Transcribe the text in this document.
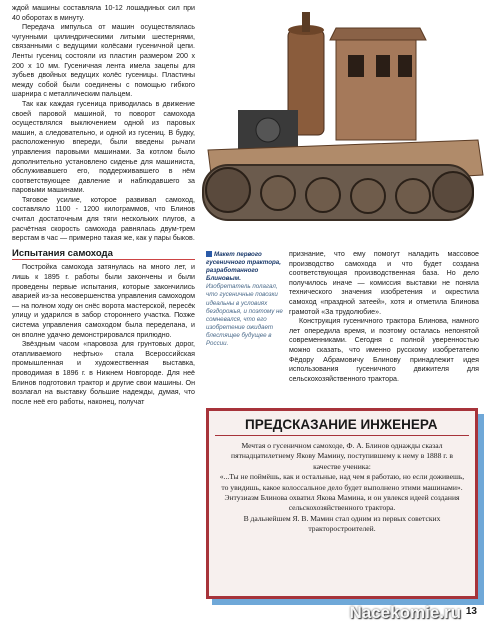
ждой машины составляла 10-12 лошадиных сил при 40 оборотах в минуту.

Передача импульса от машин осуществлялась чугунными цилиндрическими литыми шестернями, связанными с ведущими колёсами гусеничной цепи. Ленты гусениц состояли из пластин размером 200 х 200 х 10 мм. Гусеничная лента имела зацепы для зубьев двойных ведущих колёс гусеницы. Пластины между собой были соединены с помощью гибкого шарнира с металлическим пальцем.

Так как каждая гусеница приводилась в движение своей паровой машиной, то поворот самохода осуществлялся выключением одной из паровых машин, а следовательно, и одной из гусениц. В будку, расположенную впереди, были введены рычаги управления паровыми машинами. За котлом было дополнительно установлено сиденье для машиниста, обслуживавшего его, поддерживавшего в нём соответствующее давление и наблюдавшего за паровыми машинами.

Тяговое усилие, которое развивал самоход, составляло 1100 - 1200 килограммов, что Блинов считал достаточным для тяги нескольких плугов, а расчётная скорость самохода равнялась двум-трем верстам в час — примерно такая же, как у пары быков.

Испытания самохода

Постройка самохода затянулась на много лет, и лишь к 1895 г. работы были закончены и были проведены первые испытания, которые закончились аварией из-за несовершенства управления самоходом — на полном ходу он снёс ворота мастерской, пересёк улицу и ударился в забор стороннего участка. Позже система управления самоходом была переделана, и он вполне удачно демонстрировался прилюдно.

Звёздным часом «паровоза для грунтовых дорог, отапливаемого нефтью» стала Всероссийская промышленная и художественная выставка, проводимая в 1896 г. в Нижнем Новгороде. Для неё Блинов подготовил трактор и другие свои машины. Он возлагал на выставку большие надежды, думая, что после неё его работы, наконец, получат

Макет первого гусеничного трактора, разработанного Блиновым. Изобретатель полагал, что гусеничные повозки идеальны в условиях бездорожья, и поэтому не сомневался, что его изобретение ожидает блестящее будущее в России.

признание, что ему помогут наладить массовое производство самохода и что будет создана соответствующая производственная база. Но дело получилось иначе — комиссия выставки не поняла технического значения изобретения и окрестила самоход «праздной затеей», хотя и отметила Блинова грамотой «За трудолюбие».

Конструкция гусеничного трактора Блинова, намного лет опередила время, и поэтому осталась непонятой современниками. Сегодня с полной уверенностью можно сказать, что именно русскому изобретателю Фёдору Абрамовичу Блинову принадлежит идея использования гусеничного движителя для сельскохозяйственного трактора.

ПРЕДСКАЗАНИЕ ИНЖЕНЕРА
Мечтая о гусеничном самоходе, Ф. А. Блинов однажды сказал пятнадцатилетнему Якову Мамину, поступившему к нему в 1888 г. в качестве ученика:
«...Ты не поймёшь, как и остальные, над чем я работаю, но если доживешь, то увидишь, какое колоссальное дело будет выполнено этими машинами». Энтузиазм Блинова охватил Якова Мамина, и он увлекся идеей создания сельскохозяйственного трактора.
В дальнейшем Я. В. Мамин стал одним из первых советских тракторостроителей.
Nacekomie.ru 13
